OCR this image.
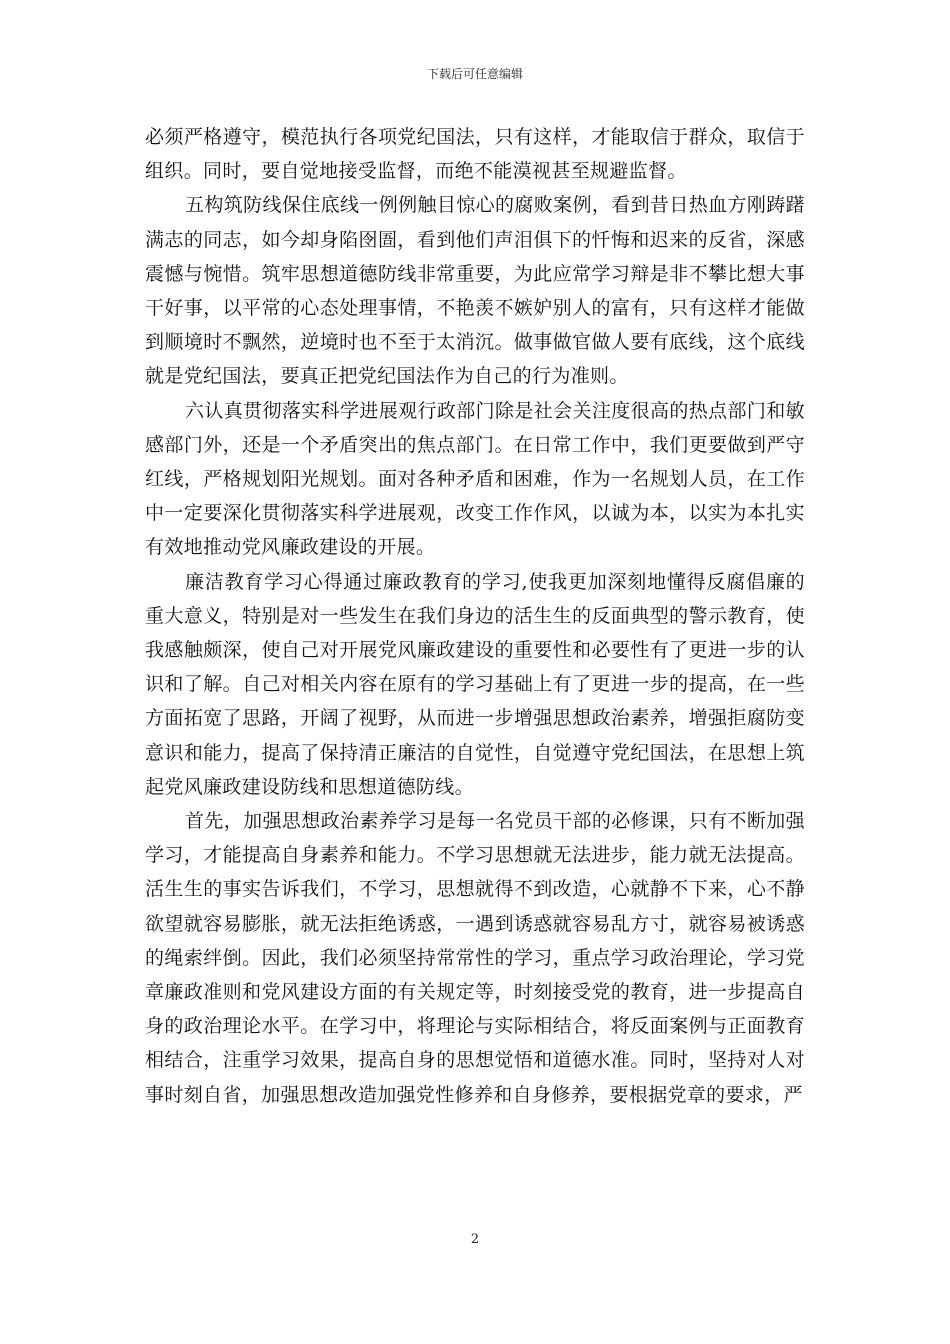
下载后可任意编辑

必须严格遵守，模范执行各项党纪国法，只有这样，才能取信于群众，取信于组织。同时，要自觉地接受监督，而绝不能漠视甚至规避监督。

五构筑防线保住底线一例例触目惊心的腐败案例，看到昔日热血方刚踌躇满志的同志，如今却身陷囹圄，看到他们声泪俱下的忏悔和迟来的反省，深感震憾与惋惜。筑牢思想道德防线非常重要，为此应常学习辩是非不攀比想大事干好事，以平常的心态处理事情，不艳羡不嫉妒别人的富有，只有这样才能做到顺境时不飘然，逆境时也不至于太消沉。做事做官做人要有底线，这个底线就是党纪国法，要真正把党纪国法作为自己的行为准则。

六认真贯彻落实科学进展观行政部门除是社会关注度很高的热点部门和敏感部门外，还是一个矛盾突出的焦点部门。在日常工作中，我们更要做到严守红线，严格规划阳光规划。面对各种矛盾和困难，作为一名规划人员，在工作中一定要深化贯彻落实科学进展观，改变工作作风，以诚为本，以实为本扎实有效地推动党风廉政建设的开展。

廉洁教育学习心得通过廉政教育的学习,使我更加深刻地懂得反腐倡廉的重大意义，特别是对一些发生在我们身边的活生生的反面典型的警示教育，使我感触颇深，使自己对开展党风廉政建设的重要性和必要性有了更进一步的认识和了解。自己对相关内容在原有的学习基础上有了更进一步的提高，在一些方面拓宽了思路，开阔了视野，从而进一步增强思想政治素养，增强拒腐防变意识和能力，提高了保持清正廉洁的自觉性，自觉遵守党纪国法，在思想上筑起党风廉政建设防线和思想道德防线。

首先，加强思想政治素养学习是每一名党员干部的必修课，只有不断加强学习，才能提高自身素养和能力。不学习思想就无法进步，能力就无法提高。活生生的事实告诉我们，不学习，思想就得不到改造，心就静不下来，心不静欲望就容易膨胀，就无法拒绝诱惑，一遇到诱惑就容易乱方寸，就容易被诱惑的绳索绊倒。因此，我们必须坚持常常性的学习，重点学习政治理论，学习党章廉政准则和党风建设方面的有关规定等，时刻接受党的教育，进一步提高自身的政治理论水平。在学习中，将理论与实际相结合，将反面案例与正面教育相结合，注重学习效果，提高自身的思想觉悟和道德水准。同时，坚持对人对事时刻自省，加强思想改造加强党性修养和自身修养，要根据党章的要求，严

2
